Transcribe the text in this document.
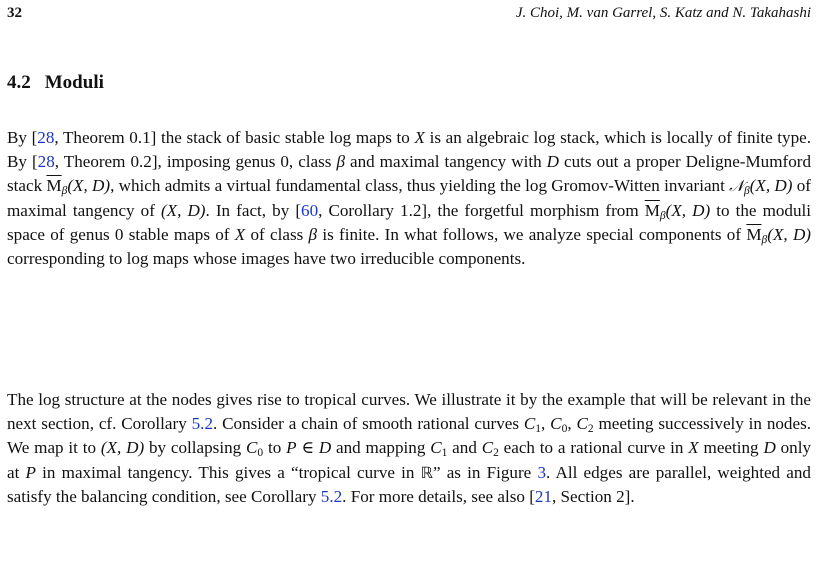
32	J. Choi, M. van Garrel, S. Katz and N. Takahashi
4.2 Moduli

By [28, Theorem 0.1] the stack of basic stable log maps to X is an algebraic log stack, which is locally of finite type. By [28, Theorem 0.2], imposing genus 0, class β and maximal tangency with D cuts out a proper Deligne-Mumford stack $\overline{M}_\beta(X$, D), which admits a virtual fundamental class, thus yielding the log Gromov-Witten invariant 𝒩$_\beta$(X, D) of maximal tangency of (X, D). In fact, by [60, Corollary 1.2], the forgetful morphism from $\overline{M}_\beta(X$, D) to the moduli space of genus 0 stable maps of X of class β is finite. In what follows, we analyze special components of $\overline{M}_\beta(X$, D) corresponding to log maps whose images have two irreducible components.

The log structure at the nodes gives rise to tropical curves. We illustrate it by the example that will be relevant in the next section, cf. Corollary 5.2. Consider a chain of smooth rational curves $C_1$, $C_0$, $C_2$ meeting successively in nodes. We map it to (X, D) by collapsing $C_0$ to P ∈ D and mapping $C_1$ and $C_2$ each to a rational curve in X meeting D only at P in maximal tangency. This gives a “tropical curve in ℝ” as in Figure 3. All edges are parallel, weighted and satisfy the balancing condition, see Corollary 5.2. For more details, see also [21, Section 2].
